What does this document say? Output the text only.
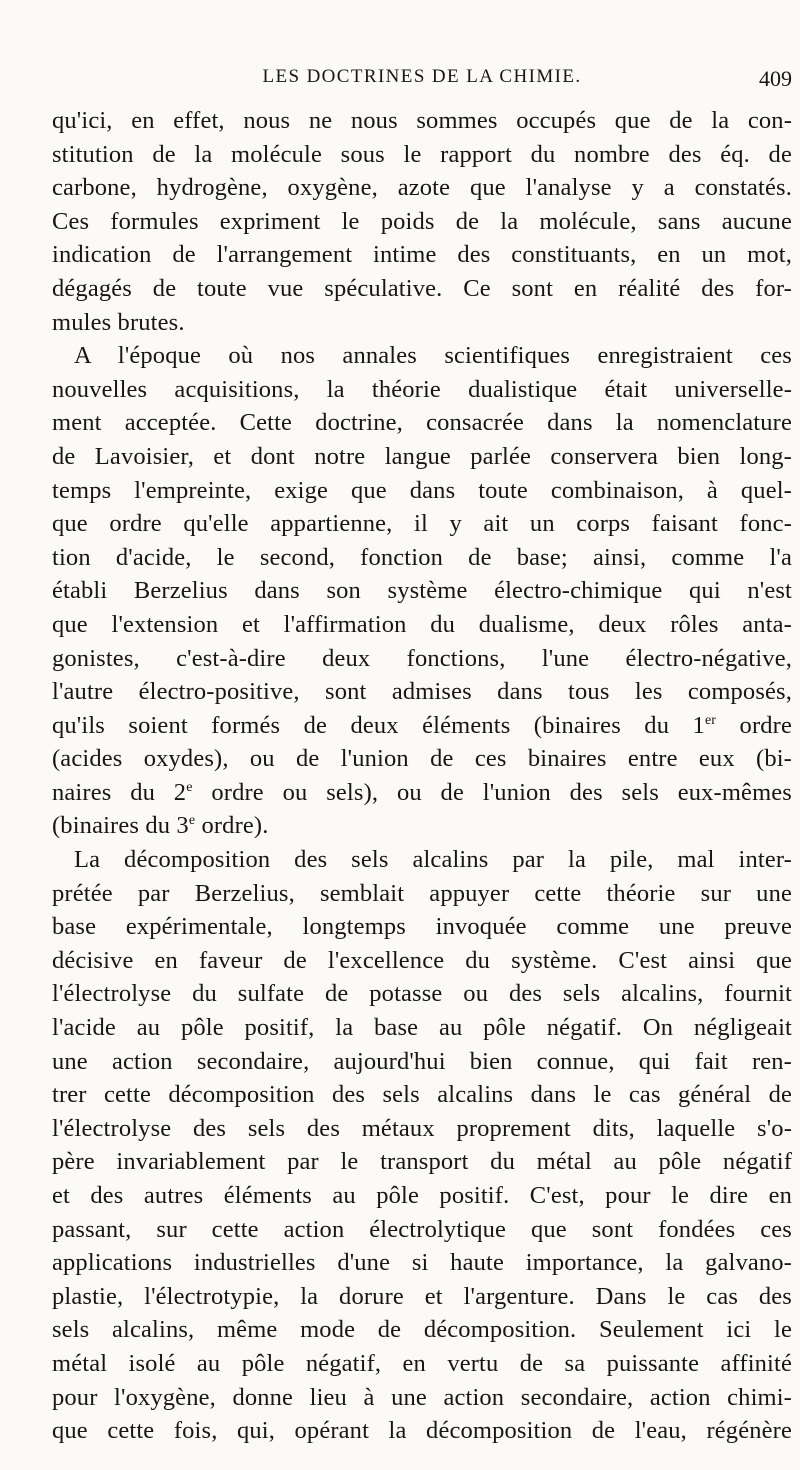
LES DOCTRINES DE LA CHIMIE.	409
qu'ici, en effet, nous ne nous sommes occupés que de la con-
stitution de la molécule sous le rapport du nombre des éq. de
carbone, hydrogène, oxygène, azote que l'analyse y a constatés.
Ces formules expriment le poids de la molécule, sans aucune
indication de l'arrangement intime des constituants, en un mot,
dégagés de toute vue spéculative. Ce sont en réalité des for-
mules brutes.
A l'époque où nos annales scientifiques enregistraient ces
nouvelles acquisitions, la théorie dualistique était universelle-
ment acceptée. Cette doctrine, consacrée dans la nomenclature
de Lavoisier, et dont notre langue parlée conservera bien long-
temps l'empreinte, exige que dans toute combinaison, à quel-
que ordre qu'elle appartienne, il y ait un corps faisant fonc-
tion d'acide, le second, fonction de base; ainsi, comme l'a
établi Berzelius dans son système électro-chimique qui n'est
que l'extension et l'affirmation du dualisme, deux rôles anta-
gonistes, c'est-à-dire deux fonctions, l'une électro-négative,
l'autre électro-positive, sont admises dans tous les composés,
qu'ils soient formés de deux éléments (binaires du 1er ordre
(acides oxydes), ou de l'union de ces binaires entre eux (bi-
naires du 2e ordre ou sels), ou de l'union des sels eux-mêmes
(binaires du 3e ordre).
La décomposition des sels alcalins par la pile, mal inter-
prétée par Berzelius, semblait appuyer cette théorie sur une
base expérimentale, longtemps invoquée comme une preuve
décisive en faveur de l'excellence du système. C'est ainsi que
l'électrolyse du sulfate de potasse ou des sels alcalins, fournit
l'acide au pôle positif, la base au pôle négatif. On négligeait
une action secondaire, aujourd'hui bien connue, qui fait ren-
trer cette décomposition des sels alcalins dans le cas général de
l'électrolyse des sels des métaux proprement dits, laquelle s'o-
père invariablement par le transport du métal au pôle négatif
et des autres éléments au pôle positif. C'est, pour le dire en
passant, sur cette action électrolytique que sont fondées ces
applications industrielles d'une si haute importance, la galvano-
plastie, l'électrotypie, la dorure et l'argenture. Dans le cas des
sels alcalins, même mode de décomposition. Seulement ici le
métal isolé au pôle négatif, en vertu de sa puissante affinité
pour l'oxygène, donne lieu à une action secondaire, action chimi-
que cette fois, qui, opérant la décomposition de l'eau, régénère
